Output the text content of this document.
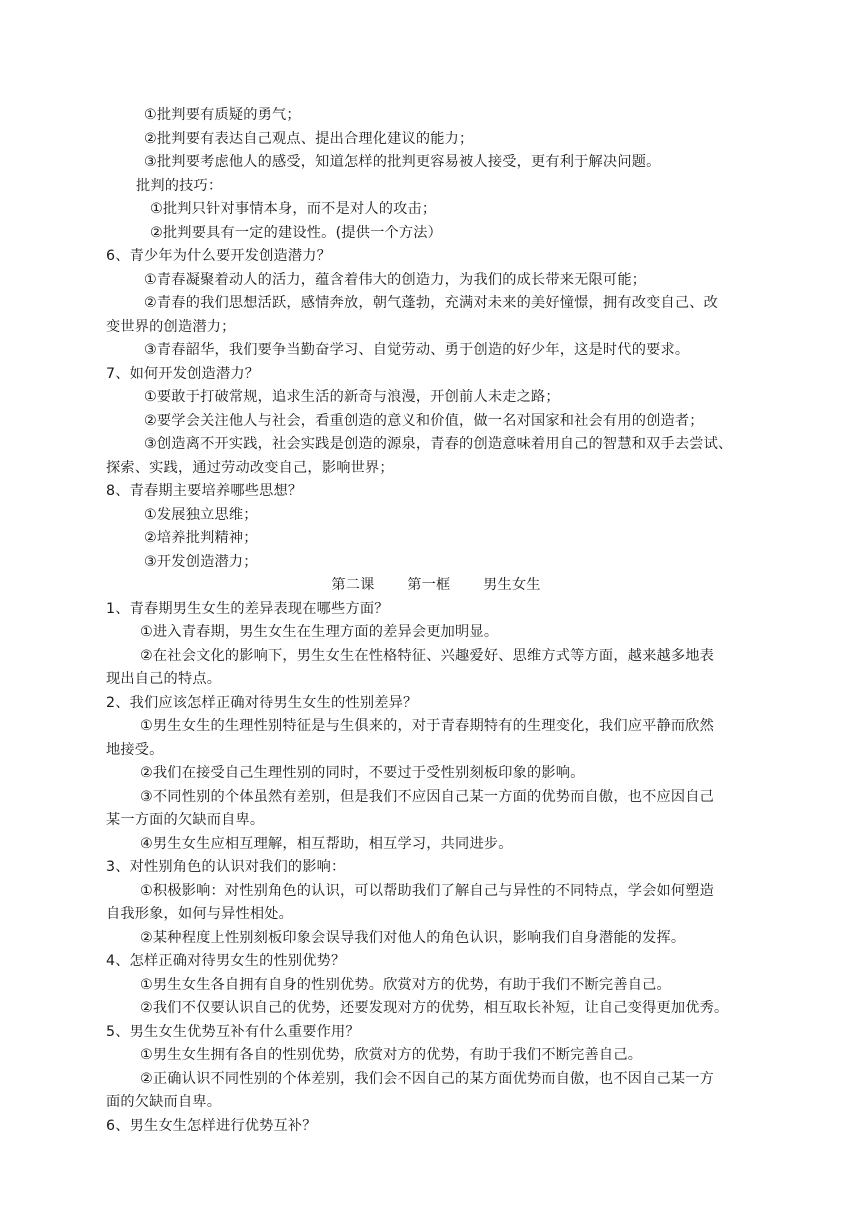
①批判要有质疑的勇气；
②批判要有表达自己观点、提出合理化建议的能力；
③批判要考虑他人的感受，知道怎样的批判更容易被人接受，更有利于解决问题。
批判的技巧：
①批判只针对事情本身，而不是对人的攻击；
②批判要具有一定的建设性。(提供一个方法）
6、青少年为什么要开发创造潜力？
①青春凝聚着动人的活力，蕴含着伟大的创造力，为我们的成长带来无限可能；
②青春的我们思想活跃，感情奔放，朝气蓬勃，充满对未来的美好憧憬，拥有改变自己、改
变世界的创造潜力；
③青春韶华，我们要争当勤奋学习、自觉劳动、勇于创造的好少年，这是时代的要求。
7、如何开发创造潜力？
①要敢于打破常规，追求生活的新奇与浪漫，开创前人未走之路；
②要学会关注他人与社会，看重创造的意义和价值，做一名对国家和社会有用的创造者；
③创造离不开实践，社会实践是创造的源泉，青春的创造意味着用自己的智慧和双手去尝试、
探索、实践，通过劳动改变自己，影响世界；
8、青春期主要培养哪些思想？
①发展独立思维；
②培养批判精神；
③开发创造潜力；
第二课 第一框 男生女生
1、青春期男生女生的差异表现在哪些方面？
①进入青春期，男生女生在生理方面的差异会更加明显。
②在社会文化的影响下，男生女生在性格特征、兴趣爱好、思维方式等方面，越来越多地表
现出自己的特点。
2、我们应该怎样正确对待男生女生的性别差异？
①男生女生的生理性别特征是与生俱来的，对于青春期特有的生理变化，我们应平静而欣然
地接受。
②我们在接受自己生理性别的同时，不要过于受性别刻板印象的影响。
③不同性别的个体虽然有差别，但是我们不应因自己某一方面的优势而自傲，也不应因自己
某一方面的欠缺而自卑。
④男生女生应相互理解，相互帮助，相互学习，共同进步。
3、对性别角色的认识对我们的影响：
①积极影响：对性别角色的认识，可以帮助我们了解自己与异性的不同特点，学会如何塑造
自我形象，如何与异性相处。
②某种程度上性别刻板印象会误导我们对他人的角色认识，影响我们自身潜能的发挥。
4、怎样正确对待男女生的性别优势？
①男生女生各自拥有自身的性别优势。欣赏对方的优势，有助于我们不断完善自己。
②我们不仅要认识自己的优势，还要发现对方的优势，相互取长补短，让自己变得更加优秀。
5、男生女生优势互补有什么重要作用？
①男生女生拥有各自的性别优势，欣赏对方的优势，有助于我们不断完善自己。
②正确认识不同性别的个体差别，我们会不因自己的某方面优势而自傲，也不因自己某一方
面的欠缺而自卑。
6、男生女生怎样进行优势互补？
